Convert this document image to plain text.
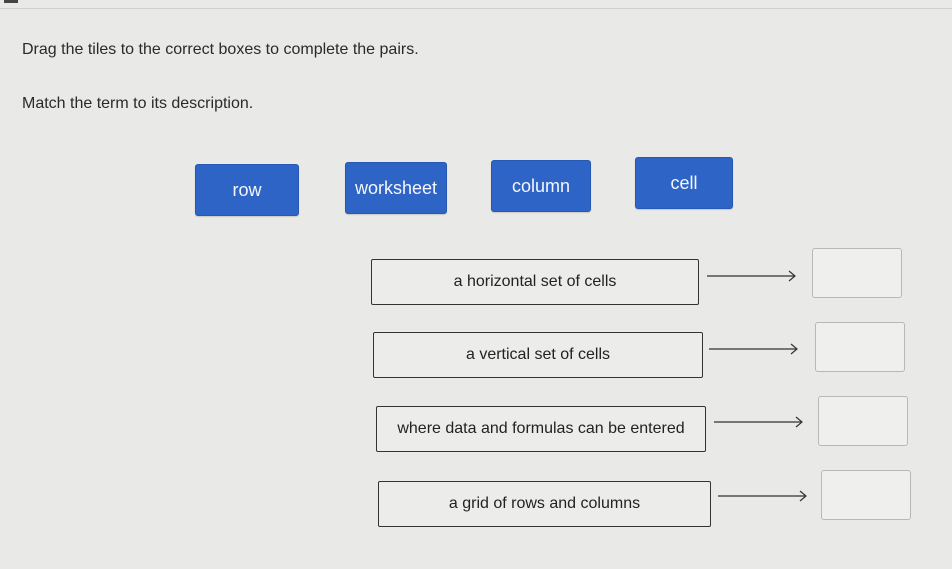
Drag the tiles to the correct boxes to complete the pairs.
Match the term to its description.
row	worksheet	column	cell
a horizontal set of cells
a vertical set of cells
where data and formulas can be entered
a grid of rows and columns
